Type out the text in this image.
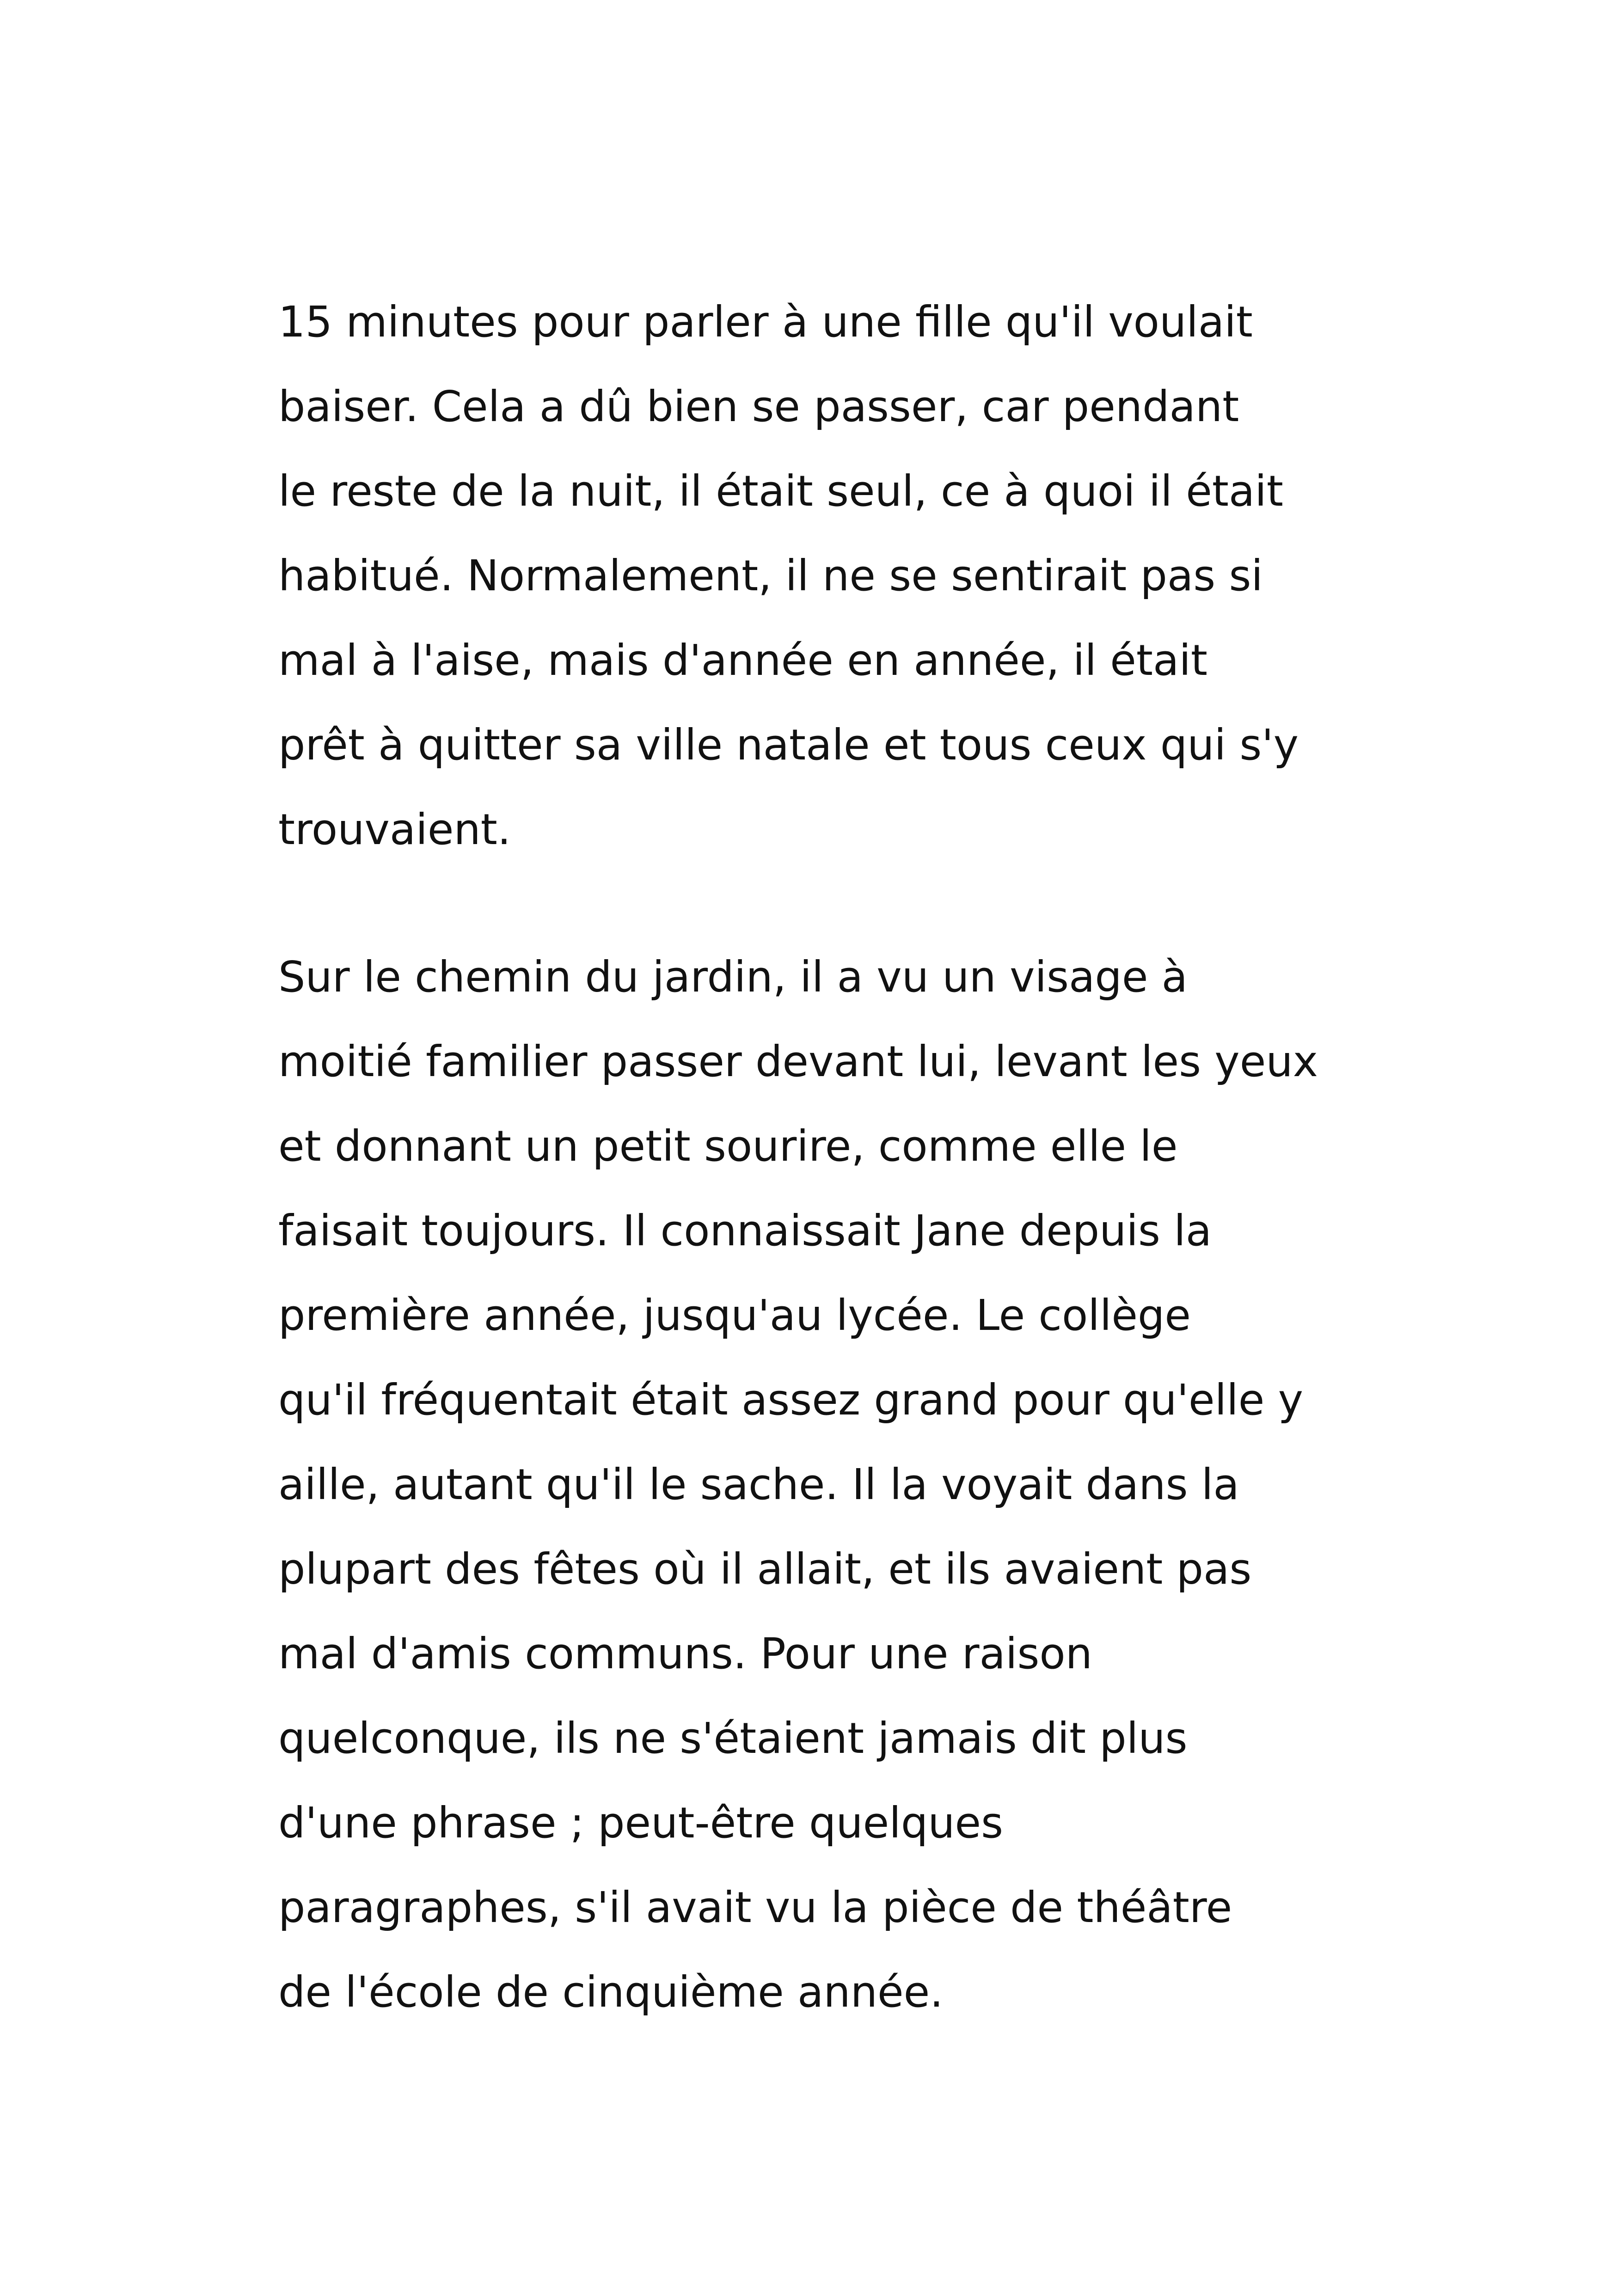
15 minutes pour parler à une fille qu'il voulait
baiser. Cela a dû bien se passer, car pendant
le reste de la nuit, il était seul, ce à quoi il était
habitué. Normalement, il ne se sentirait pas si
mal à l'aise, mais d'année en année, il était
prêt à quitter sa ville natale et tous ceux qui s'y
trouvaient.
Sur le chemin du jardin, il a vu un visage à
moitié familier passer devant lui, levant les yeux
et donnant un petit sourire, comme elle le
faisait toujours. Il connaissait Jane depuis la
première année, jusqu'au lycée. Le collège
qu'il fréquentait était assez grand pour qu'elle y
aille, autant qu'il le sache. Il la voyait dans la
plupart des fêtes où il allait, et ils avaient pas
mal d'amis communs. Pour une raison
quelconque, ils ne s'étaient jamais dit plus
d'une phrase ; peut-être quelques
paragraphes, s'il avait vu la pièce de théâtre
de l'école de cinquième année.
